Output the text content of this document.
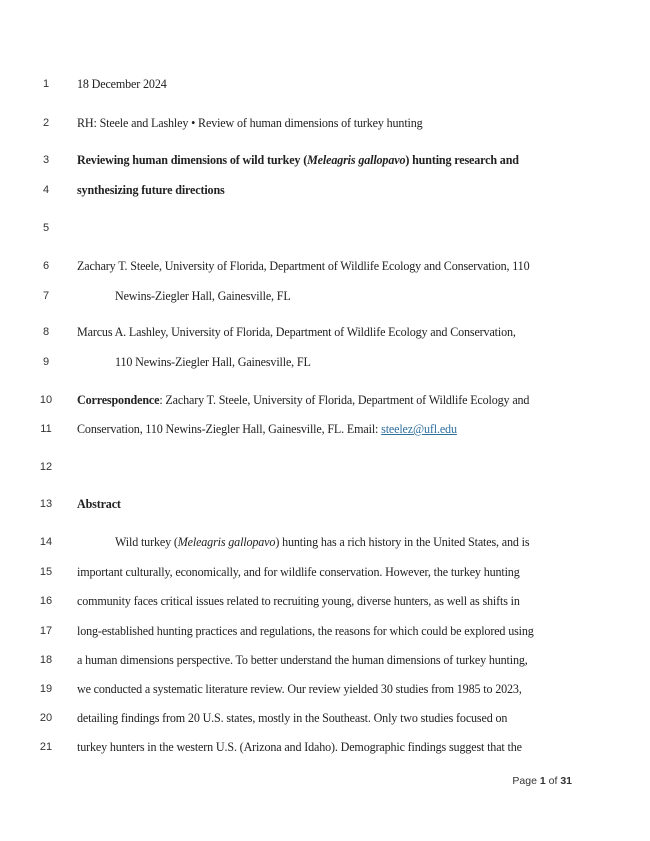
1	18 December 2024
2	RH: Steele and Lashley • Review of human dimensions of turkey hunting
3	Reviewing human dimensions of wild turkey (Meleagris gallopavo) hunting research and
4	synthesizing future directions
5
6	Zachary T. Steele, University of Florida, Department of Wildlife Ecology and Conservation, 110
7	Newins-Ziegler Hall, Gainesville, FL
8	Marcus A. Lashley, University of Florida, Department of Wildlife Ecology and Conservation,
9	110 Newins-Ziegler Hall, Gainesville, FL
10	Correspondence: Zachary T. Steele, University of Florida, Department of Wildlife Ecology and
11	Conservation, 110 Newins-Ziegler Hall, Gainesville, FL. Email: steelez@ufl.edu
12
13	Abstract
14	Wild turkey (Meleagris gallopavo) hunting has a rich history in the United States, and is
15	important culturally, economically, and for wildlife conservation. However, the turkey hunting
16	community faces critical issues related to recruiting young, diverse hunters, as well as shifts in
17	long-established hunting practices and regulations, the reasons for which could be explored using
18	a human dimensions perspective. To better understand the human dimensions of turkey hunting,
19	we conducted a systematic literature review. Our review yielded 30 studies from 1985 to 2023,
20	detailing findings from 20 U.S. states, mostly in the Southeast. Only two studies focused on
21	turkey hunters in the western U.S. (Arizona and Idaho). Demographic findings suggest that the
Page 1 of 31
